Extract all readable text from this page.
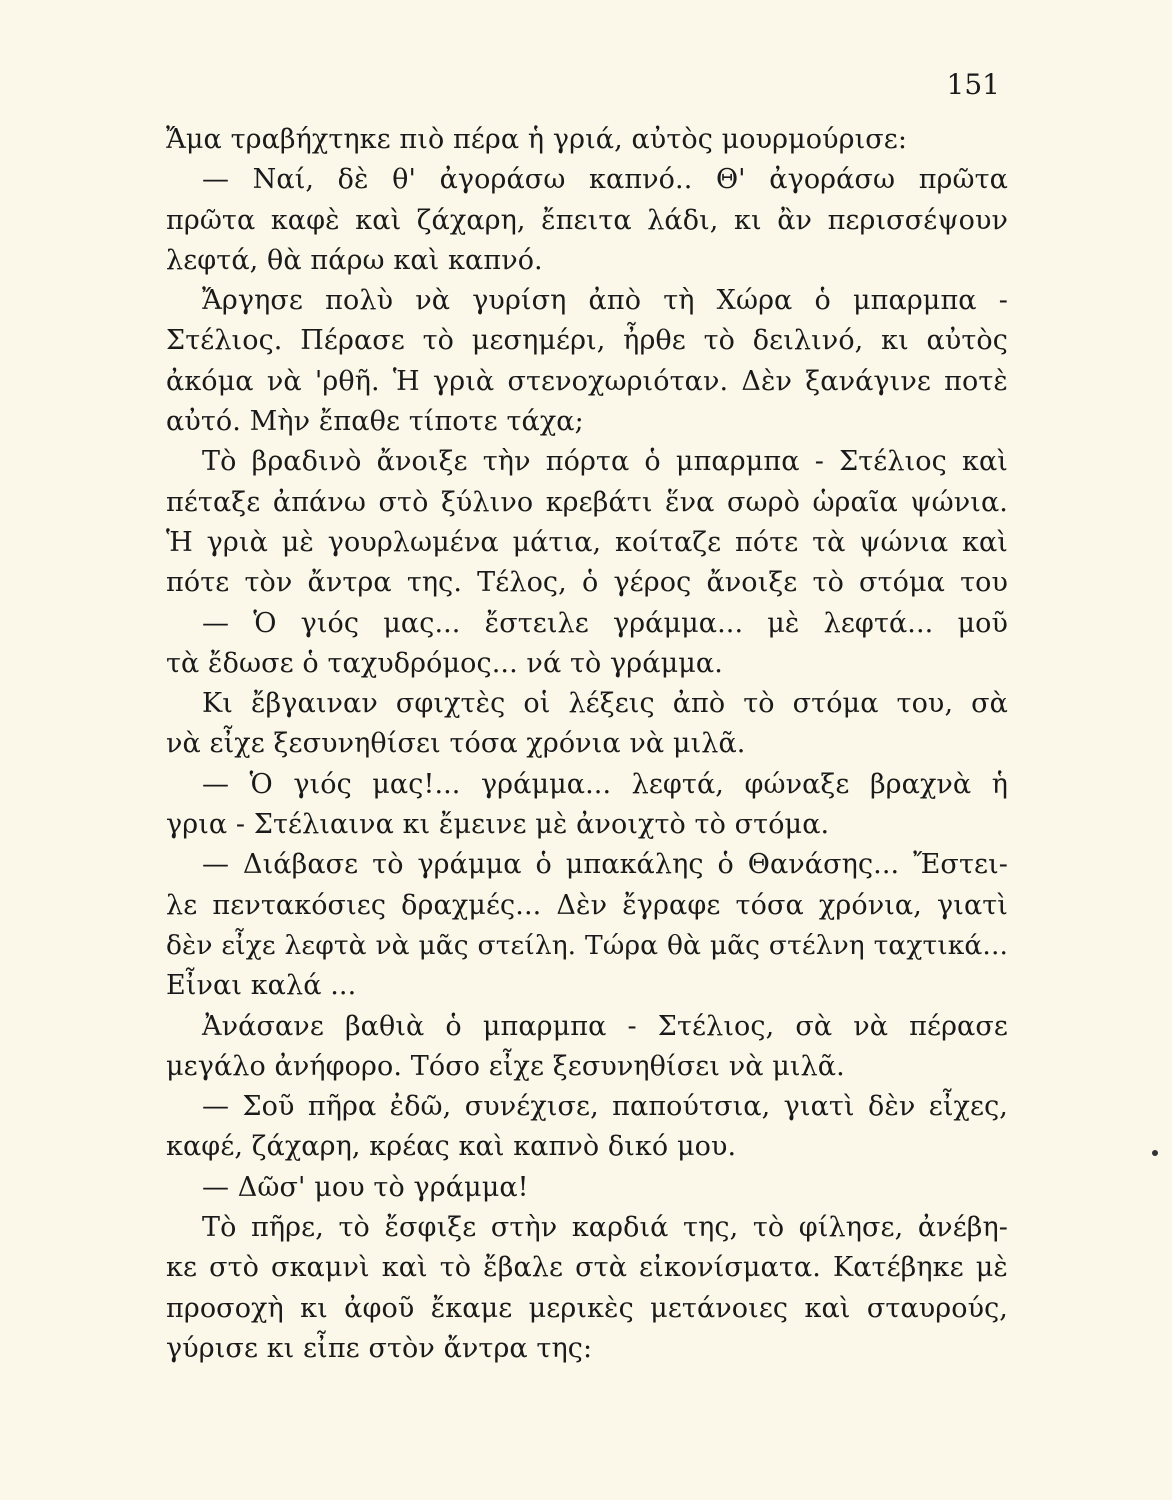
151
Ἄμα τραβήχτηκε πιὸ πέρα ἡ γριά, αὐτὸς μουρμούρισε:
— Ναί, δὲ θ' ἀγοράσω καπνό.. Θ' ἀγοράσω πρῶτα
πρῶτα καφὲ καὶ ζάχαρη, ἔπειτα λάδι, κι ἂν περισσέψουν
λεφτά, θὰ πάρω καὶ καπνό.
Ἄργησε πολὺ νὰ γυρίση ἀπὸ τὴ Χώρα ὁ μπαρμπα -
Στέλιος. Πέρασε τὸ μεσημέρι, ἦρθε τὸ δειλινό, κι αὐτὸς
ἀκόμα νὰ 'ρθῆ. Ἡ γριὰ στενοχωριόταν. Δὲν ξανάγινε ποτὲ
αὐτό. Μὴν ἔπαθε τίποτε τάχα;
Τὸ βραδινὸ ἄνοιξε τὴν πόρτα ὁ μπαρμπα - Στέλιος καὶ
πέταξε ἀπάνω στὸ ξύλινο κρεβάτι ἕνα σωρὸ ὡραῖα ψώνια.
Ἡ γριὰ μὲ γουρλωμένα μάτια, κοίταζε πότε τὰ ψώνια καὶ
πότε τὸν ἄντρα της. Τέλος, ὁ γέρος ἄνοιξε τὸ στόμα του
— Ὁ γιός μας... ἔστειλε γράμμα... μὲ λεφτά... μοῦ
τὰ ἔδωσε ὁ ταχυδρόμος... νά τὸ γράμμα.
Κι ἔβγαιναν σφιχτὲς οἱ λέξεις ἀπὸ τὸ στόμα του, σὰ
νὰ εἶχε ξεσυνηθίσει τόσα χρόνια νὰ μιλᾶ.
— Ὁ γιός μας!... γράμμα... λεφτά, φώναξε βραχνὰ ἡ
γρια - Στέλιαινα κι ἔμεινε μὲ ἀνοιχτὸ τὸ στόμα.
— Διάβασε τὸ γράμμα ὁ μπακάλης ὁ Θανάσης... Ἔστει-
λε πεντακόσιες δραχμές... Δὲν ἔγραφε τόσα χρόνια, γιατὶ
δὲν εἶχε λεφτὰ νὰ μᾶς στείλη. Τώρα θὰ μᾶς στέλνη ταχτικά...
Εἶναι καλά ...
Ἀνάσανε βαθιὰ ὁ μπαρμπα - Στέλιος, σὰ νὰ πέρασε
μεγάλο ἀνήφορο. Τόσο εἶχε ξεσυνηθίσει νὰ μιλᾶ.
— Σοῦ πῆρα ἐδῶ, συνέχισε, παπούτσια, γιατὶ δὲν εἶχες,
καφέ, ζάχαρη, κρέας καὶ καπνὸ δικό μου.
— Δῶσ' μου τὸ γράμμα!
Τὸ πῆρε, τὸ ἔσφιξε στὴν καρδιά της, τὸ φίλησε, ἀνέβη-
κε στὸ σκαμνὶ καὶ τὸ ἔβαλε στὰ εἰκονίσματα. Κατέβηκε μὲ
προσοχὴ κι ἀφοῦ ἔκαμε μερικὲς μετάνοιες καὶ σταυρούς,
γύρισε κι εἶπε στὸν ἄντρα της:
